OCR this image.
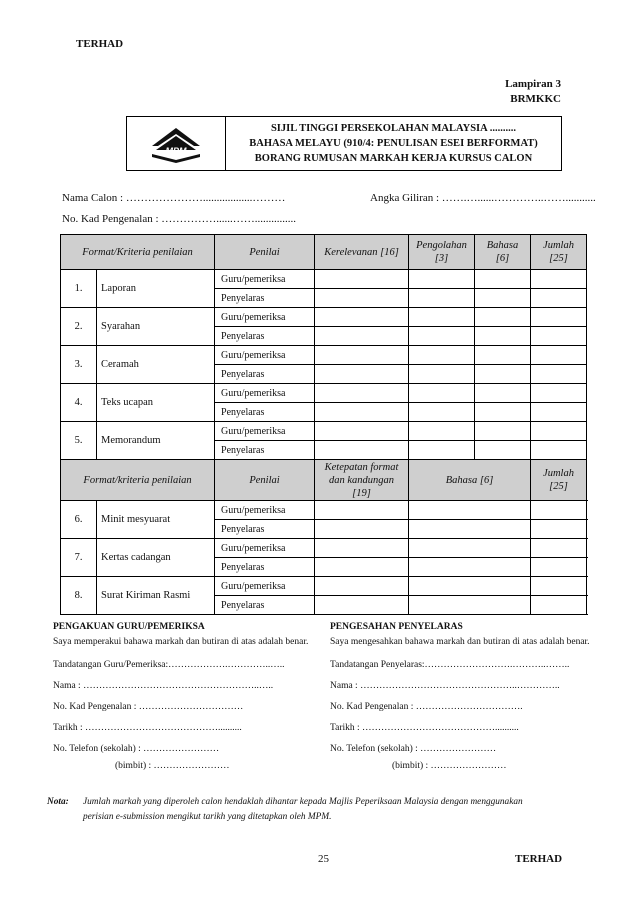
TERHAD
Lampiran 3
BRMKKC
MPM
SIJIL TINGGI PERSEKOLAHAN MALAYSIA ..........
BAHASA MELAYU (910/4: PENULISAN ESEI BERFORMAT)
BORANG RUMUSAN MARKAH KERJA KURSUS CALON
Nama Calon : …………………..................………	Angka Giliran : …….…......…………..……...........
No. Kad Pengenalan : ……………......……...............
Format/Kriteria penilaian		Penilai	Kerelevanan [16]	Pengolahan [3]	Bahasa [6]	Jumlah [25]
1.	Laporan	Guru/pemeriksa				
		Penyelaras				
2.	Syarahan	Guru/pemeriksa				
		Penyelaras				
3.	Ceramah	Guru/pemeriksa				
		Penyelaras				
4.	Teks ucapan	Guru/pemeriksa				
		Penyelaras				
5.	Memorandum	Guru/pemeriksa				
		Penyelaras				
Format/kriteria penilaian		Penilai	Ketepatan format dan kandungan [19]	Bahasa [6]		Jumlah [25]
6.	Minit mesyuarat	Guru/pemeriksa				
		Penyelaras				
7.	Kertas cadangan	Guru/pemeriksa				
		Penyelaras				
8.	Surat Kiriman Rasmi	Guru/pemeriksa				
		Penyelaras				
PENGAKUAN GURU/PEMERIKSA
Saya memperakui bahawa markah dan butiran di atas adalah benar.
Tandatangan Guru/Pemeriksa:……………….…………..…..
Nama : ………………………………………………..…..
No. Kad Pengenalan : ……………………………
Tarikh : ……………………………………..........
No. Telefon (sekolah) : ……………………
(bimbit) : ……………………
PENGESAHAN PENYELARAS
Saya mengesahkan bahawa markah dan butiran di atas adalah benar.
Tandatangan Penyelaras:……………………….………..……..
Nama : …………………………………………..…………..
No. Kad Pengenalan : …………………………….
Tarikh : ……………………………………..........
No. Telefon (sekolah) : ……………………
(bimbit) : ……………………
Nota:	Jumlah markah yang diperoleh calon hendaklah dihantar kepada Majlis Peperiksaan Malaysia dengan menggunakan
perisian e-submission mengikut tarikh yang ditetapkan oleh MPM.
25	TERHAD
